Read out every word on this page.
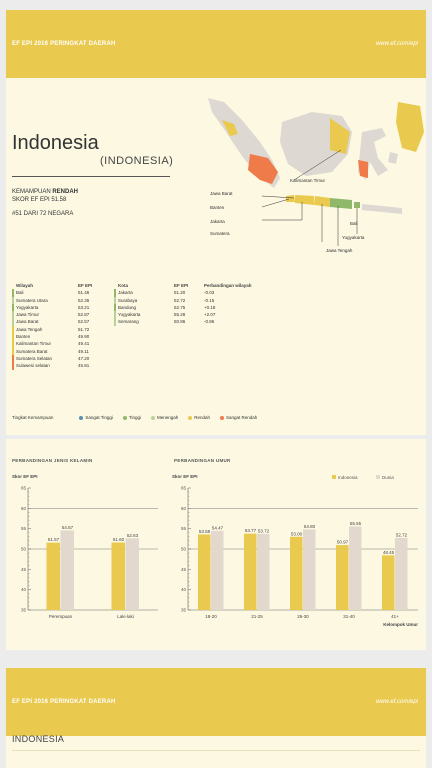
EF EPI 2016 PERINGKAT DAERAH	www.ef.com/epi
Indonesia
(INDONESIA)
KEMAMPUAN RENDAH
SKOR EF EPI 51.58
#51 DARI 72 NEGARA
Jawa Barat
Banten
Kalimantan Timur
Yogyakarta
Jawa Tengah
Jakarta	Bali
Sumatera
Wilayah	EF EPI
Bali	51.46
Sumatera Utara	52.36
Yogyakarta	53.21
Jawa Timur	52.87
Jawa Barat	52.57
Jawa Tengah	51.72
Banten	49.90
Kalimantan Timur	49.41
Sumatera Barat	49.11
Sumatera Selatan	47.20
Sulawesi selatan	45.81
Kota	EF EPI	Perbandingan wilayah
Jakarta	51.20	-0.03
Surabaya	52.72	-0.15
Bandung	52.75	+0.18
Yogyakarta	55.28	+2.07
Semarang	50.86	-0.86
Tingkat Kemampuan	Sangat Tinggi	Tinggi	Menengah	Rendah	Sangat Rendah
PERBANDINGAN JENIS KELAMIN	PERBANDINGAN UMUR
Skor EF EPI
35
40
45
50
55
60
65
51.57
54.57
Perempuan
51.60
52.63
Laki-laki
Skor EF EPI
35
40
45
50
55
60
65
53.58
54.47
18-20
53.77 53.72
21-25
53.00
54.80
26-30
50.97
55.55
31-40
48.45
52.72
41+
Kelompok Umur
Indonesia	Dunia
EF EPI 2016 PERINGKAT DAERAH	www.ef.com/epi
INDONESIA
